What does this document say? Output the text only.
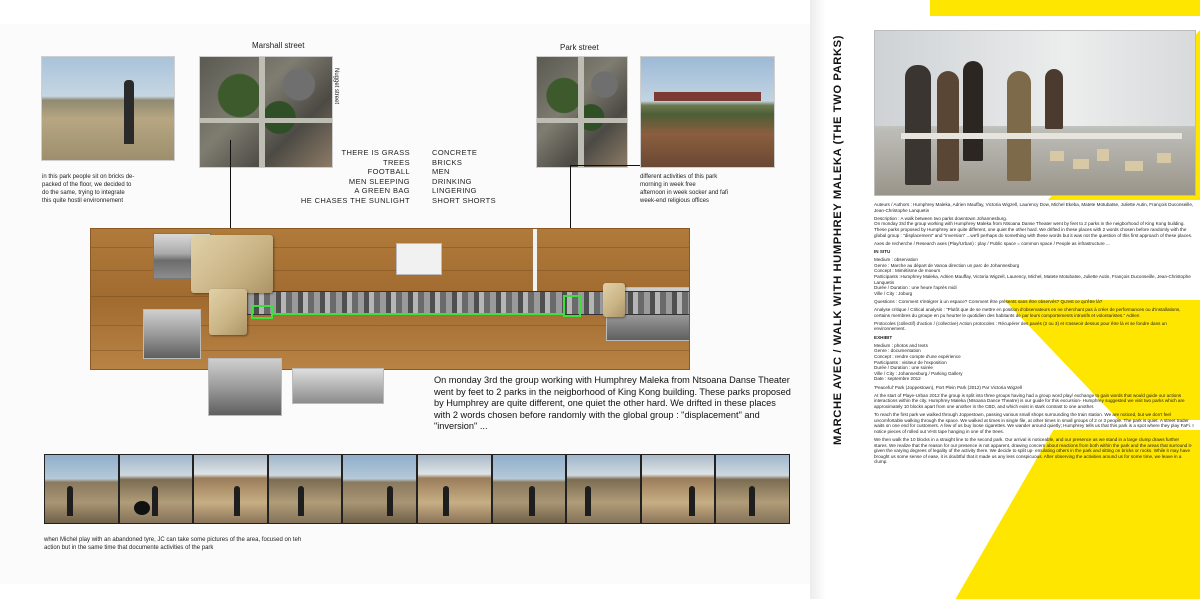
Marshall street
Nugget street
Park street
in this park people sit on bricks de-
packed of the floor, we decided to
do the same, trying to integrate
this quite hostil environnement
different activities of this park
morning in week free
afternoon in week socker and fafi
week-end religious offices
THERE IS GRASS
TREES
FOOTBALL
MEN SLEEPING
A GREEN BAG
HE CHASES THE SUNLIGHT
CONCRETE
BRICKS
MEN
DRINKING
LINGERING
SHORT SHORTS
On monday 3rd the group working with Humphrey Maleka from Ntsoana Danse Theater went by feet to 2 parks in the neigborhood of King Kong building. These parks proposed by Humphrey are quite different, one quiet the other hard. We drifted in these places with 2 words chosen before randomly with the global group : "displacement" and "inversion" ...
when Michel play with an abandoned tyre, JC can take some pictures of the area, focused on teh
action but in the same time that documente activities of the park
MARCHE AVEC / WALK WITH HUMPHREY MALEKA (THE TWO PARKS)	Auteurs / Authors : Humphrey Maleka, Adrien Mauffay, Victoria Wigzell, Laurency Dow, Michel Ekeba, Matete Motubatse, Juliette Autin, François Duconseille, Jean-Christophe Lanquetin

Description : A walk between two parks downtown Johannesburg.
On monday 3rd the group working with Humphrey Maleka from Ntsoana Danse Theater went by feet to 2 parks in the neigborhood of King Kong building. These parks proposed by Humphrey are quite different, one quiet the other hard. We drifted in these places with 2 words chosen before randomly with the global group : "displacement" and "inversion" ...we'll perhaps do something with these words but it was not the question of this first approach of these places.

Axes de recherche / Research axes (Play/Urban) : play / Public space = common space / People as infrastructure ...

IN SITU

Medium : observation
Genre : Marche au départ de Vanoa direction un parc de Johannesburg
Concept : Mimétisme de moeurs
Participants :Humphrey Maleka, Adrien Mauffay, Victoria Wigzell, Laurency, Michel, Matete Motubatse, Juliette Autin, François Duconseille, Jean-Christophe Lanquetin
Durée / Duration : une heure l'après midi
Ville / City : Joburg

Questions : Comment s'intégrer à un espace? Comment être présents sans être observés? Qu'est ce qu'être là?

Analyse critique / Critical analysis : "Plutôt que de se mettre en position d'observateurs en ne cherchant pas à créer de performances ou d'installations, certains membres du groupe en pu heurter le quotidien des habitants de par leurs comportements intrusifs et volontaristes." Adrien

Protocoles (collectif) d'action / (collective) Action protocoles : Récupérer des pavés (2 ou 3) et s'asseoir dessus pour être là et se fondre dans un environnement.

EXHIBIT

Medium : photos and texts
Genre : documentation
Concept : rendre compte d'une expérience
Participants : visiteur de l'exposition
Durée / Duration : une soirée
Ville / City : Johannesburg / Parking Gallery
Date : septembre 2012

'Peaceful' Park (Joppestown), Port Plein Park (2012) Par Victoria Wigzell

At the start of Playe-Urban 2012 the group is split into three groups having had a group word play/ exchange to gain words that would guide our actions interactions within the city. Humphrey Maleka (Ntsoana Dance Theatre) is our guide for this excursion- Humphrey suggested we visit two parks which are approximately 10 blocks apart from one another in the CBD, and which exist in stark contrast to one another.

To reach the first park we walked through Joppestown, passing various small shops surrounding the train station. We are noticed, but we don't feel uncomfortable walking through the space. We walked at times in single file, at other times in small groups of 2 or 3 people. The park is quiet. A street trader waits on one end for customers. A few of us buy loose cigarettes. We wander around quietly; Humphrey tells us that this park is a spot where they play FaFi. I notice pieces of rolled out VHS tape hanging in one of the trees.

We then walk the 10 blocks in a straight line to the second park. Our arrival is noticeable, and our presence as we stand in a large clump draws further stares. We realize that the reason for our presence is not apparent, drawing concern about reactions from both within the park and the areas that surround it- given the varying degrees of legality of the activity there. We decide to split up- emulating others in the park and sitting on bricks or rocks. While it may have brought us some sense of ease, it is doubtful that it made us any less conspicuous. After observing the activities around us for some time, we leave in a clump.
